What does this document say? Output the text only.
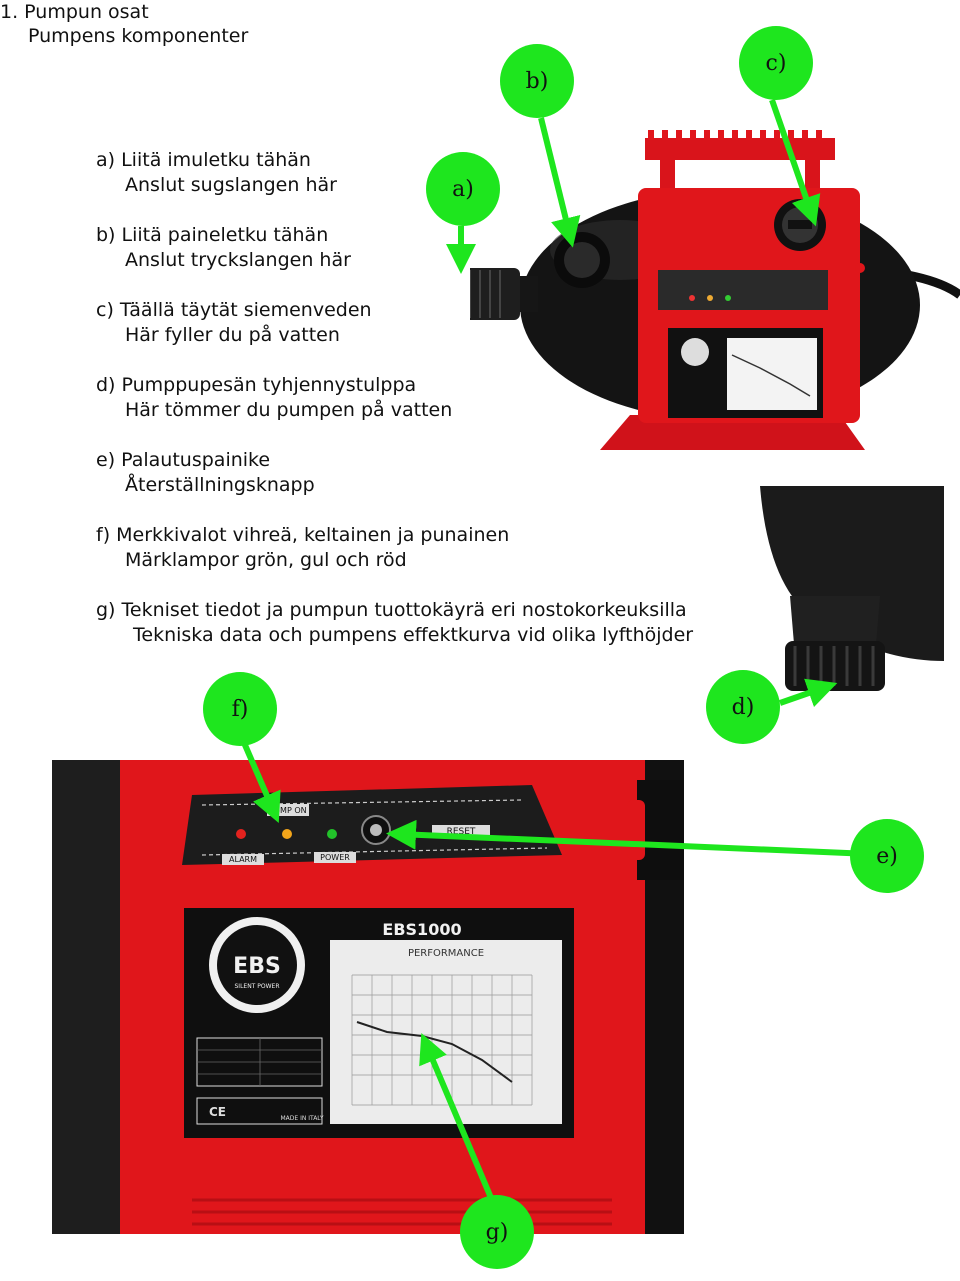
1. Pumpun osat
Pumpens komponenter
a) Liitä imuletku tähän
Anslut sugslangen här
b) Liitä paineletku tähän
Anslut tryckslangen här
c) Täällä täytät siemenveden
Här fyller du på vatten
d) Pumppupesän tyhjennystulppa
Här tömmer du pumpen på vatten
e) Palautuspainike
Återställningsknapp
f) Merkkivalot vihreä, keltainen ja punainen
Märklampor grön, gul och röd
g) Tekniset tiedot ja pumpun tuottokäyrä eri nostokorkeuksilla
Tekniska data och pumpens effektkurva vid olika lyfthöjder
PUMP ON
ALARM	POWER
RESET
EBS1000
PERFORMANCE
EBS
SILENT POWER
CE	MADE IN ITALY
a)
b)
c)
d)
e)
f)
g)
